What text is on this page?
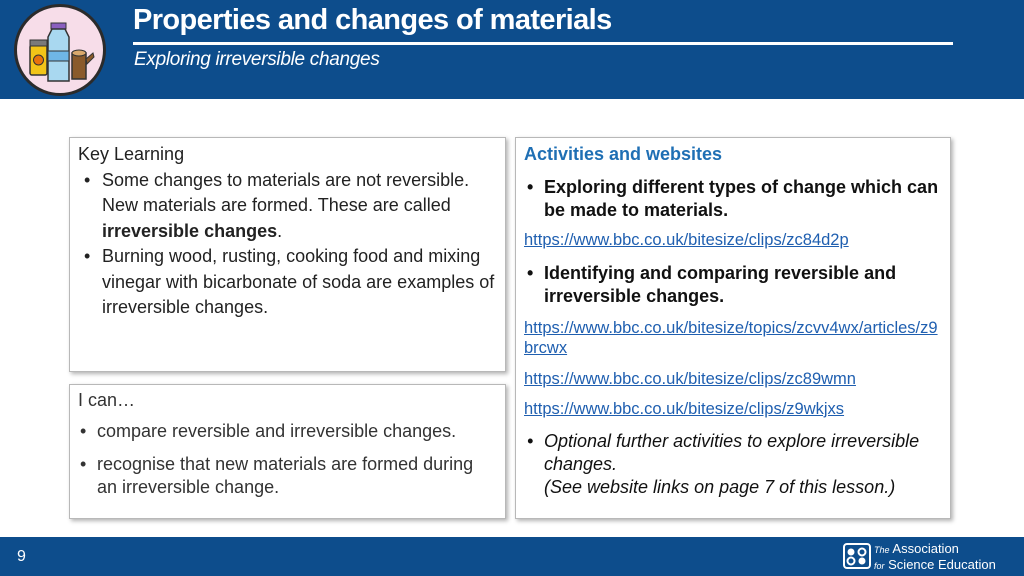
Properties and changes of materials
Exploring irreversible changes
Key Learning
• Some changes to materials are not reversible. New materials are formed. These are called irreversible changes.
• Burning wood, rusting, cooking food and mixing vinegar with bicarbonate of soda are examples of irreversible changes.
I can…
• compare reversible and irreversible changes.
• recognise that new materials are formed during an irreversible change.
Activities and websites
• Exploring different types of change which can be made to materials.
https://www.bbc.co.uk/bitesize/clips/zc84d2p
• Identifying and comparing reversible and irreversible changes.
https://www.bbc.co.uk/bitesize/topics/zcvv4wx/articles/z9brcwx
https://www.bbc.co.uk/bitesize/clips/zc89wmn
https://www.bbc.co.uk/bitesize/clips/z9wkjxs
• Optional further activities to explore irreversible changes.
(See website links on page 7 of this lesson.)
9	The Association
for Science Education
